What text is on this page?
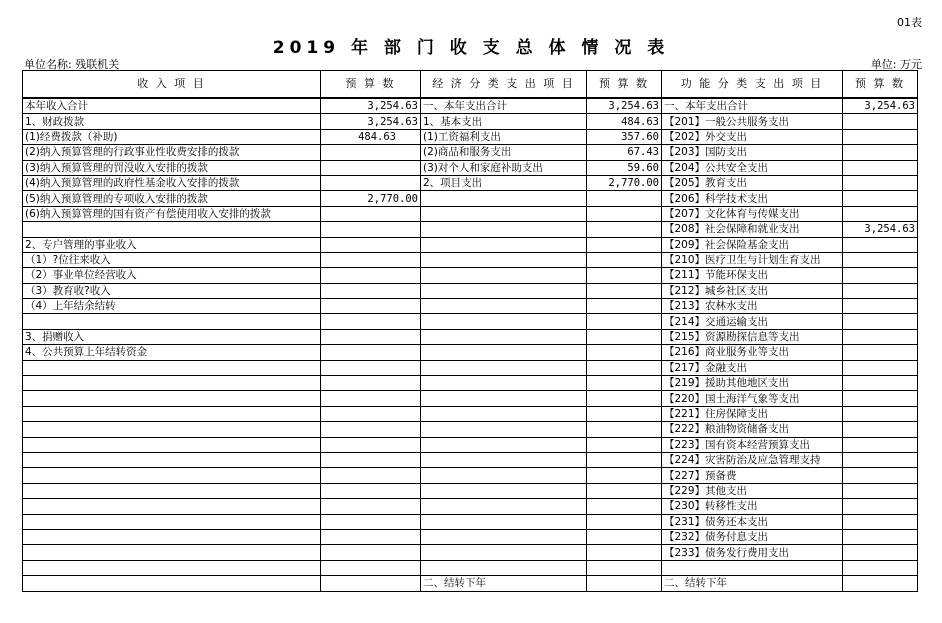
01表
2019 年 部 门 收 支 总 体 情 况 表
单位名称: 残联机关	单位: 万元
收 入 项 目	预 算 数	经 济 分 类 支 出 项 目	预 算 数	功 能 分 类 支 出 项 目	预 算 数
本年收入合计	3,254.63	一、本年支出合计	3,254.63	一、本年支出合计	3,254.63
1、财政拨款	3,254.63	1、基本支出	484.63	【201】一般公共服务支出	
(1)经费拨款（补助)	484.63	(1)工资福利支出	357.60	【202】外交支出	
(2)纳入预算管理的行政事业性收费安排的拨款		(2)商品和服务支出	67.43	【203】国防支出	
(3)纳入预算管理的罚没收入安排的拨款		(3)对个人和家庭补助支出	59.60	【204】公共安全支出	
(4)纳入预算管理的政府性基金收入安排的拨款		2、项目支出	2,770.00	【205】教育支出	
(5)纳入预算管理的专项收入安排的拨款	2,770.00			【206】科学技术支出	
(6)纳入预算管理的国有资产有偿使用收入安排的拨款				【207】文化体育与传媒支出	
				【208】社会保障和就业支出	3,254.63
2、专户管理的事业收入				【209】社会保险基金支出	
（1）?位往来收入				【210】医疗卫生与计划生育支出	
（2）事业单位经营收入				【211】节能环保支出	
（3）教育收?收入				【212】城乡社区支出	
（4）上年结余结转				【213】农林水支出	
				【214】交通运输支出	
3、捐赠收入				【215】资源勘探信息等支出	
4、公共预算上年结转资金				【216】商业服务业等支出	
				【217】金融支出	
				【219】援助其他地区支出	
				【220】国土海洋气象等支出	
				【221】住房保障支出	
				【222】粮油物资储备支出	
				【223】国有资本经营预算支出	
				【224】灾害防治及应急管理支持	
				【227】预备费	
				【229】其他支出	
				【230】转移性支出	
				【231】债务还本支出	
				【232】债务付息支出	
				【233】债务发行费用支出	

		二、结转下年		二、结转下年	
